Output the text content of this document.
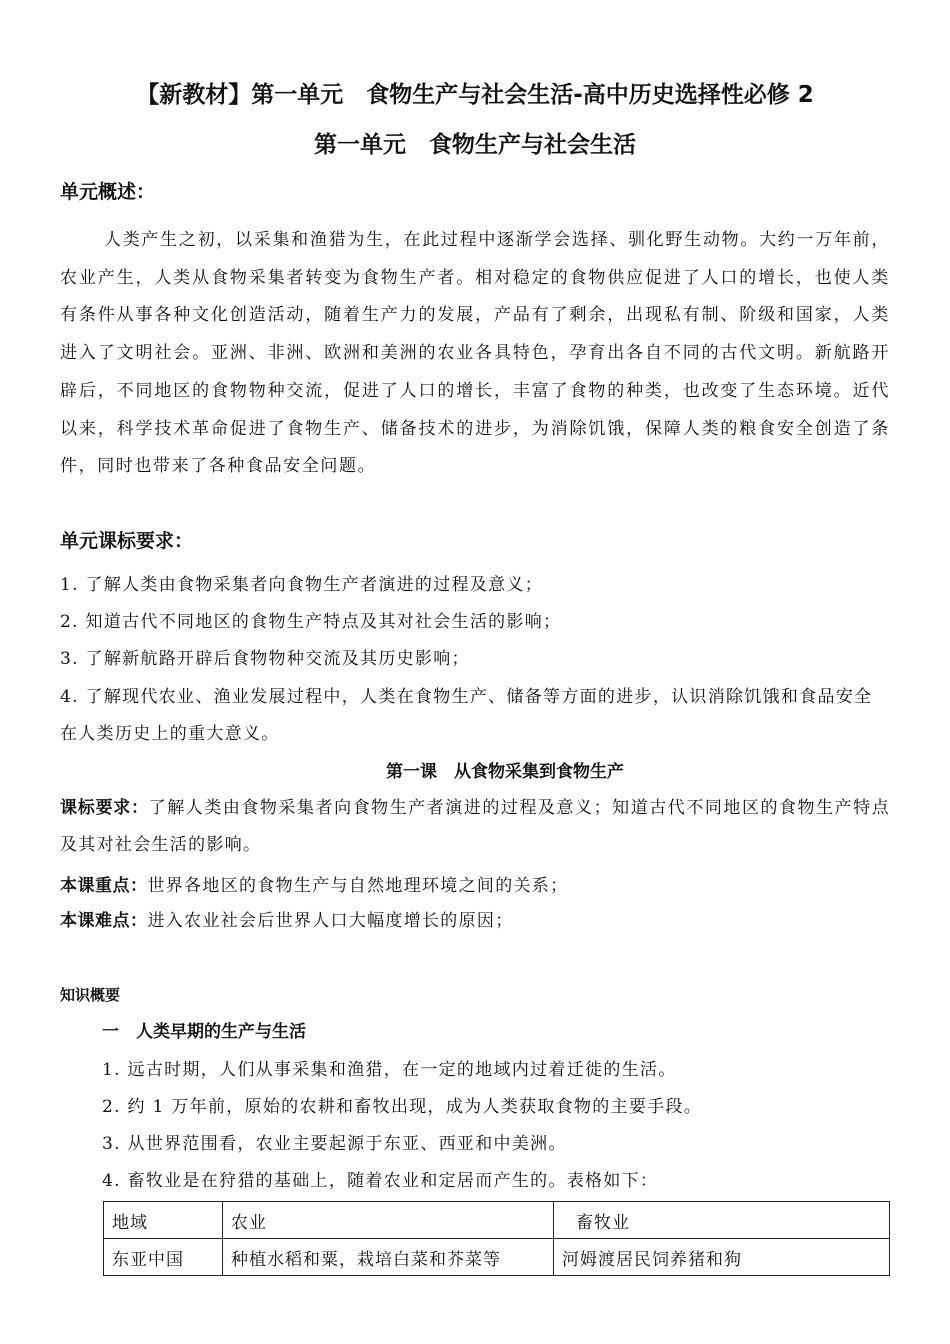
【新教材】第一单元　食物生产与社会生活-高中历史选择性必修 2
第一单元　食物生产与社会生活
单元概述：
人类产生之初，以采集和渔猎为生，在此过程中逐渐学会选择、驯化野生动物。大约一万年前，农业产生，人类从食物采集者转变为食物生产者。相对稳定的食物供应促进了人口的增长，也使人类有条件从事各种文化创造活动，随着生产力的发展，产品有了剩余，出现私有制、阶级和国家，人类进入了文明社会。亚洲、非洲、欧洲和美洲的农业各具特色，孕育出各自不同的古代文明。新航路开辟后，不同地区的食物物种交流，促进了人口的增长，丰富了食物的种类，也改变了生态环境。近代以来，科学技术革命促进了食物生产、储备技术的进步，为消除饥饿，保障人类的粮食安全创造了条件，同时也带来了各种食品安全问题。
单元课标要求：
1. 了解人类由食物采集者向食物生产者演进的过程及意义；
2. 知道古代不同地区的食物生产特点及其对社会生活的影响；
3. 了解新航路开辟后食物物种交流及其历史影响；
4. 了解现代农业、渔业发展过程中，人类在食物生产、储备等方面的进步，认识消除饥饿和食品安全在人类历史上的重大意义。
第一课　从食物采集到食物生产
课标要求：了解人类由食物采集者向食物生产者演进的过程及意义；知道古代不同地区的食物生产特点及其对社会生活的影响。
本课重点：世界各地区的食物生产与自然地理环境之间的关系；
本课难点：进入农业社会后世界人口大幅度增长的原因；
知识概要
一　人类早期的生产与生活
1. 远古时期，人们从事采集和渔猎，在一定的地域内过着迁徙的生活。
2. 约 1 万年前，原始的农耕和畜牧出现，成为人类获取食物的主要手段。
3. 从世界范围看，农业主要起源于东亚、西亚和中美洲。
4. 畜牧业是在狩猎的基础上，随着农业和定居而产生的。表格如下：
地域	农业	畜牧业
东亚中国	种植水稻和粟，栽培白菜和芥菜等	河姆渡居民饲养猪和狗
